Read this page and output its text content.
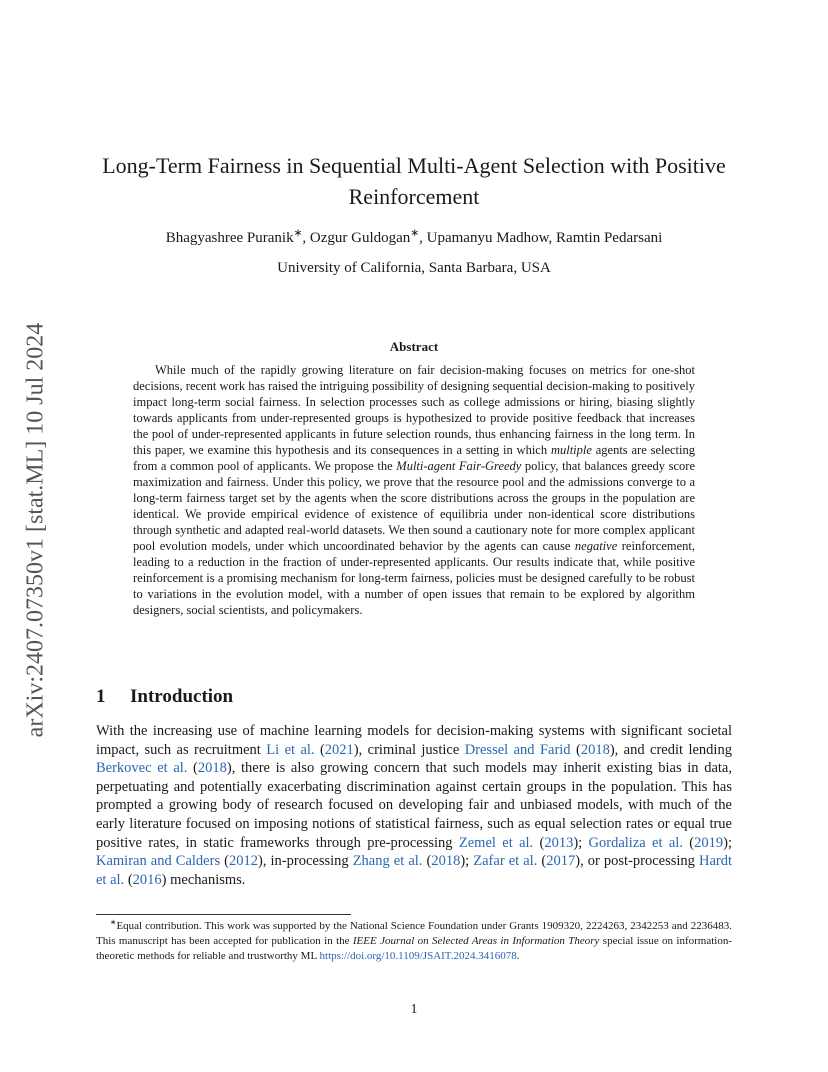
arXiv:2407.07350v1 [stat.ML] 10 Jul 2024
Long-Term Fairness in Sequential Multi-Agent Selection with Positive Reinforcement
Bhagyashree Puranik∗, Ozgur Guldogan∗, Upamanyu Madhow, Ramtin Pedarsani
University of California, Santa Barbara, USA
Abstract

While much of the rapidly growing literature on fair decision-making focuses on metrics for one-shot decisions, recent work has raised the intriguing possibility of designing sequential decision-making to positively impact long-term social fairness. In selection processes such as college admissions or hiring, biasing slightly towards applicants from under-represented groups is hypothesized to provide positive feedback that increases the pool of under-represented applicants in future selection rounds, thus enhancing fairness in the long term. In this paper, we examine this hypothesis and its consequences in a setting in which multiple agents are selecting from a common pool of applicants. We propose the Multi-agent Fair-Greedy policy, that balances greedy score maximization and fairness. Under this policy, we prove that the resource pool and the admissions converge to a long-term fairness target set by the agents when the score distributions across the groups in the population are identical. We provide empirical evidence of existence of equilibria under non-identical score distributions through synthetic and adapted real-world datasets. We then sound a cautionary note for more complex applicant pool evolution models, under which uncoordinated behavior by the agents can cause negative reinforcement, leading to a reduction in the fraction of under-represented applicants. Our results indicate that, while positive reinforcement is a promising mechanism for long-term fairness, policies must be designed carefully to be robust to variations in the evolution model, with a number of open issues that remain to be explored by algorithm designers, social scientists, and policymakers.

1 Introduction

With the increasing use of machine learning models for decision-making systems with significant societal impact, such as recruitment Li et al. (2021), criminal justice Dressel and Farid (2018), and credit lending Berkovec et al. (2018), there is also growing concern that such models may inherit existing bias in data, perpetuating and potentially exacerbating discrimination against certain groups in the population. This has prompted a growing body of research focused on developing fair and unbiased models, with much of the early literature focused on imposing notions of statistical fairness, such as equal selection rates or equal true positive rates, in static frameworks through pre-processing Zemel et al. (2013); Gordaliza et al. (2019); Kamiran and Calders (2012), in-processing Zhang et al. (2018); Zafar et al. (2017), or post-processing Hardt et al. (2016) mechanisms.

∗Equal contribution. This work was supported by the National Science Foundation under Grants 1909320, 2224263, 2342253 and 2236483. This manuscript has been accepted for publication in the IEEE Journal on Selected Areas in Information Theory special issue on information-theoretic methods for reliable and trustworthy ML https://doi.org/10.1109/JSAIT.2024.3416078.

1
